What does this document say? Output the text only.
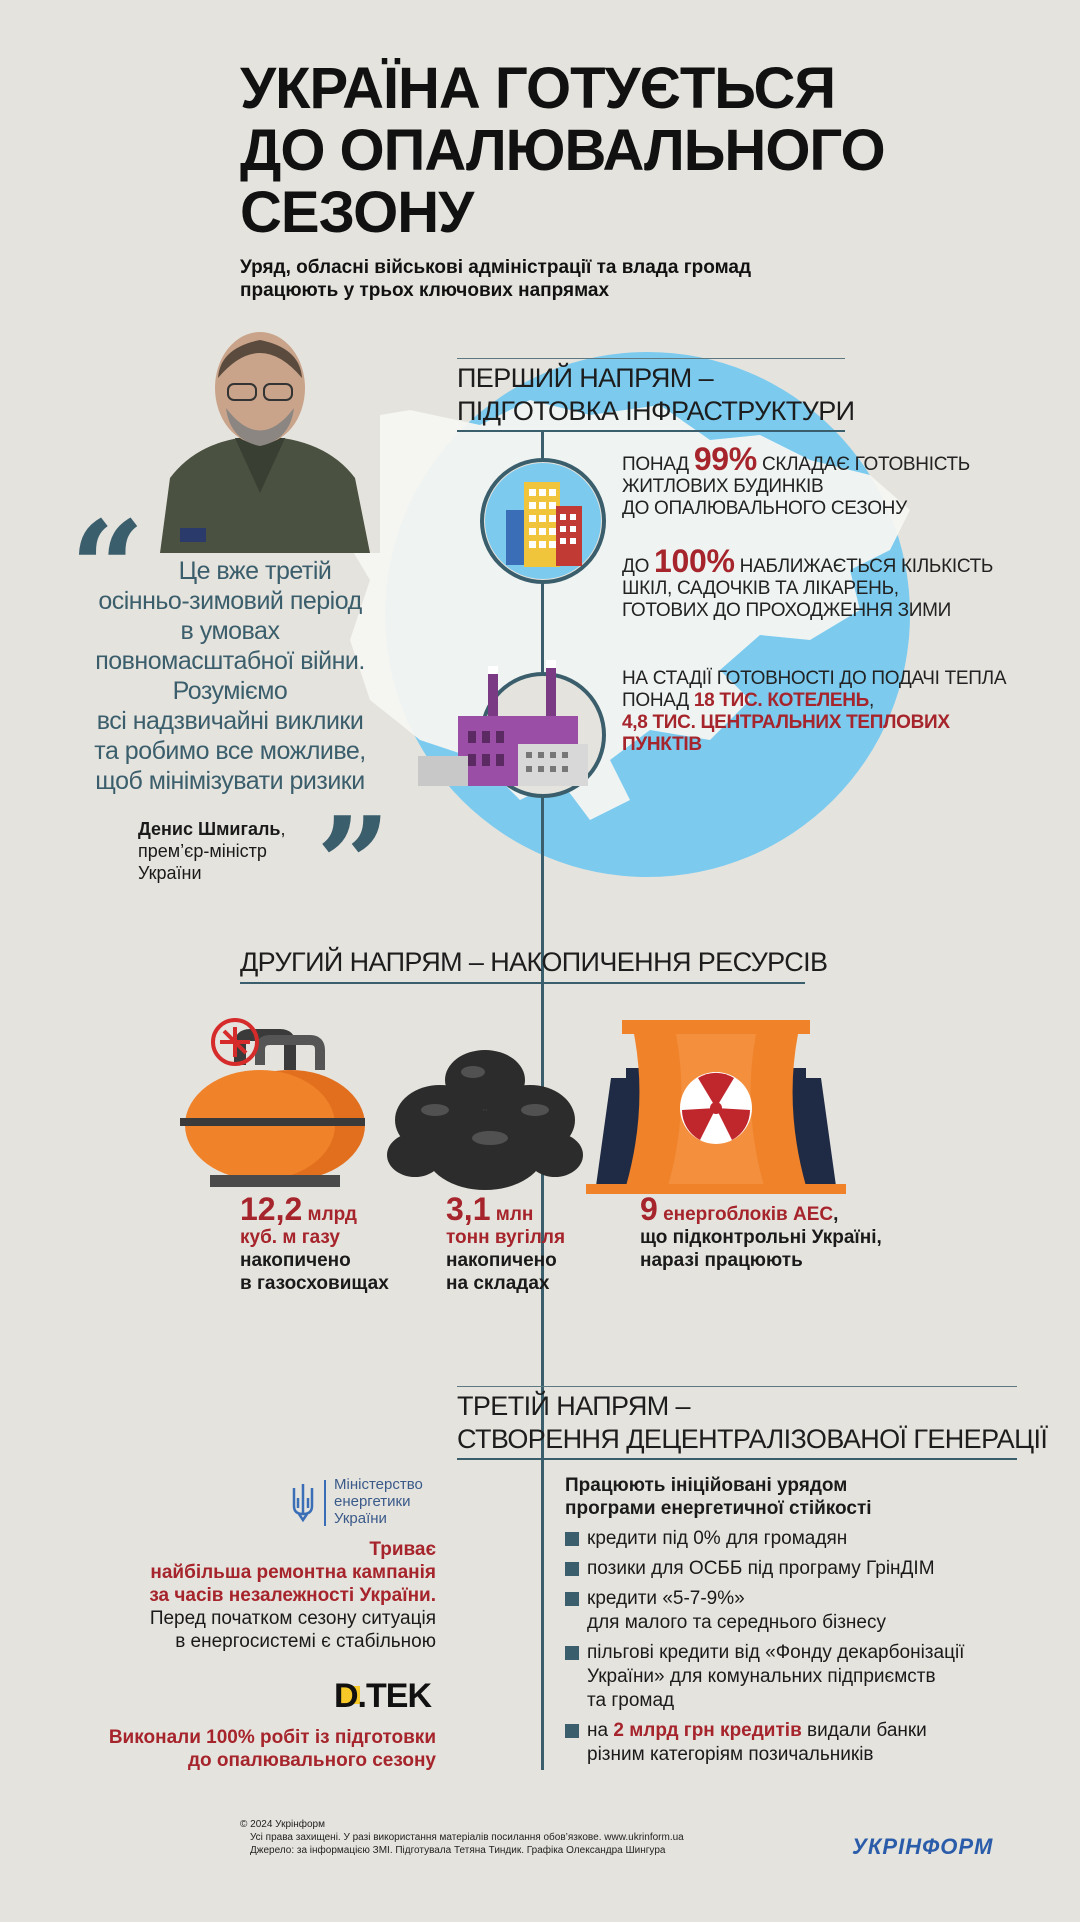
УКРАЇНА ГОТУЄТЬСЯ
ДО ОПАЛЮВАЛЬНОГО
СЕЗОНУ
Уряд, обласні військові адміністрації та влада громад
працюють у трьох ключових напрямах
“	Це вже третій
осінньо-зимовий період
в умовах
повномасштабної війни.
Розуміємо
всі надзвичайні виклики
та робимо все можливе,
щоб мінімізувати ризики
Денис Шмигаль,
прем’єр-міністр
України ”
ПЕРШИЙ НАПРЯМ –
ПІДГОТОВКА ІНФРАСТРУКТУРИ
ПОНАД 99% СКЛАДАЄ ГОТОВНІСТЬ
ЖИТЛОВИХ БУДИНКІВ
ДО ОПАЛЮВАЛЬНОГО СЕЗОНУ
ДО 100% НАБЛИЖАЄТЬСЯ КІЛЬКІСТЬ
ШКІЛ, САДОЧКІВ ТА ЛІКАРЕНЬ,
ГОТОВИХ ДО ПРОХОДЖЕННЯ ЗИМИ
НА СТАДІЇ ГОТОВНОСТІ ДО ПОДАЧІ ТЕПЛА
ПОНАД 18 ТИС. КОТЕЛЕНЬ,
4,8 ТИС. ЦЕНТРАЛЬНИХ ТЕПЛОВИХ
ПУНКТІВ
ДРУГИЙ НАПРЯМ – НАКОПИЧЕННЯ РЕСУРСІВ
12,2 млрд
куб. м газу
накопичено
в газосховищах
3,1 млн
тонн вугілля
накопичено
на складах
9 енергоблоків АЕС,
що підконтрольні Україні,
наразі працюють
ТРЕТІЙ НАПРЯМ –
СТВОРЕННЯ ДЕЦЕНТРАЛІЗОВАНОЇ ГЕНЕРАЦІЇ
Працюють ініційовані урядом
програми енергетичної стійкості
кредити під 0% для громадян
позики для ОСББ під програму ГрінДІМ
кредити «5-7-9%»
для малого та середнього бізнесу
пільгові кредити від «Фонду декарбонізації
України» для комунальних підприємств
та громад
на 2 млрд грн кредитів видали банки
різним категоріям позичальників
Міністерство
енергетики
України
Триває
найбільша ремонтна кампанія
за часів незалежності України.
Перед початком сезону ситуація
в енергосистемі є стабільною
D.TEK
Виконали 100% робіт із підготовки
до опалювального сезону
© 2024 Укрінформ
Усі права захищені. У разі використання матеріалів посилання обов’язкове. www.ukrinform.ua
Джерело: за інформацією ЗМІ. Підготувала Тетяна Тиндик. Графіка Олександра Шингура	УКРІНФОРМ
